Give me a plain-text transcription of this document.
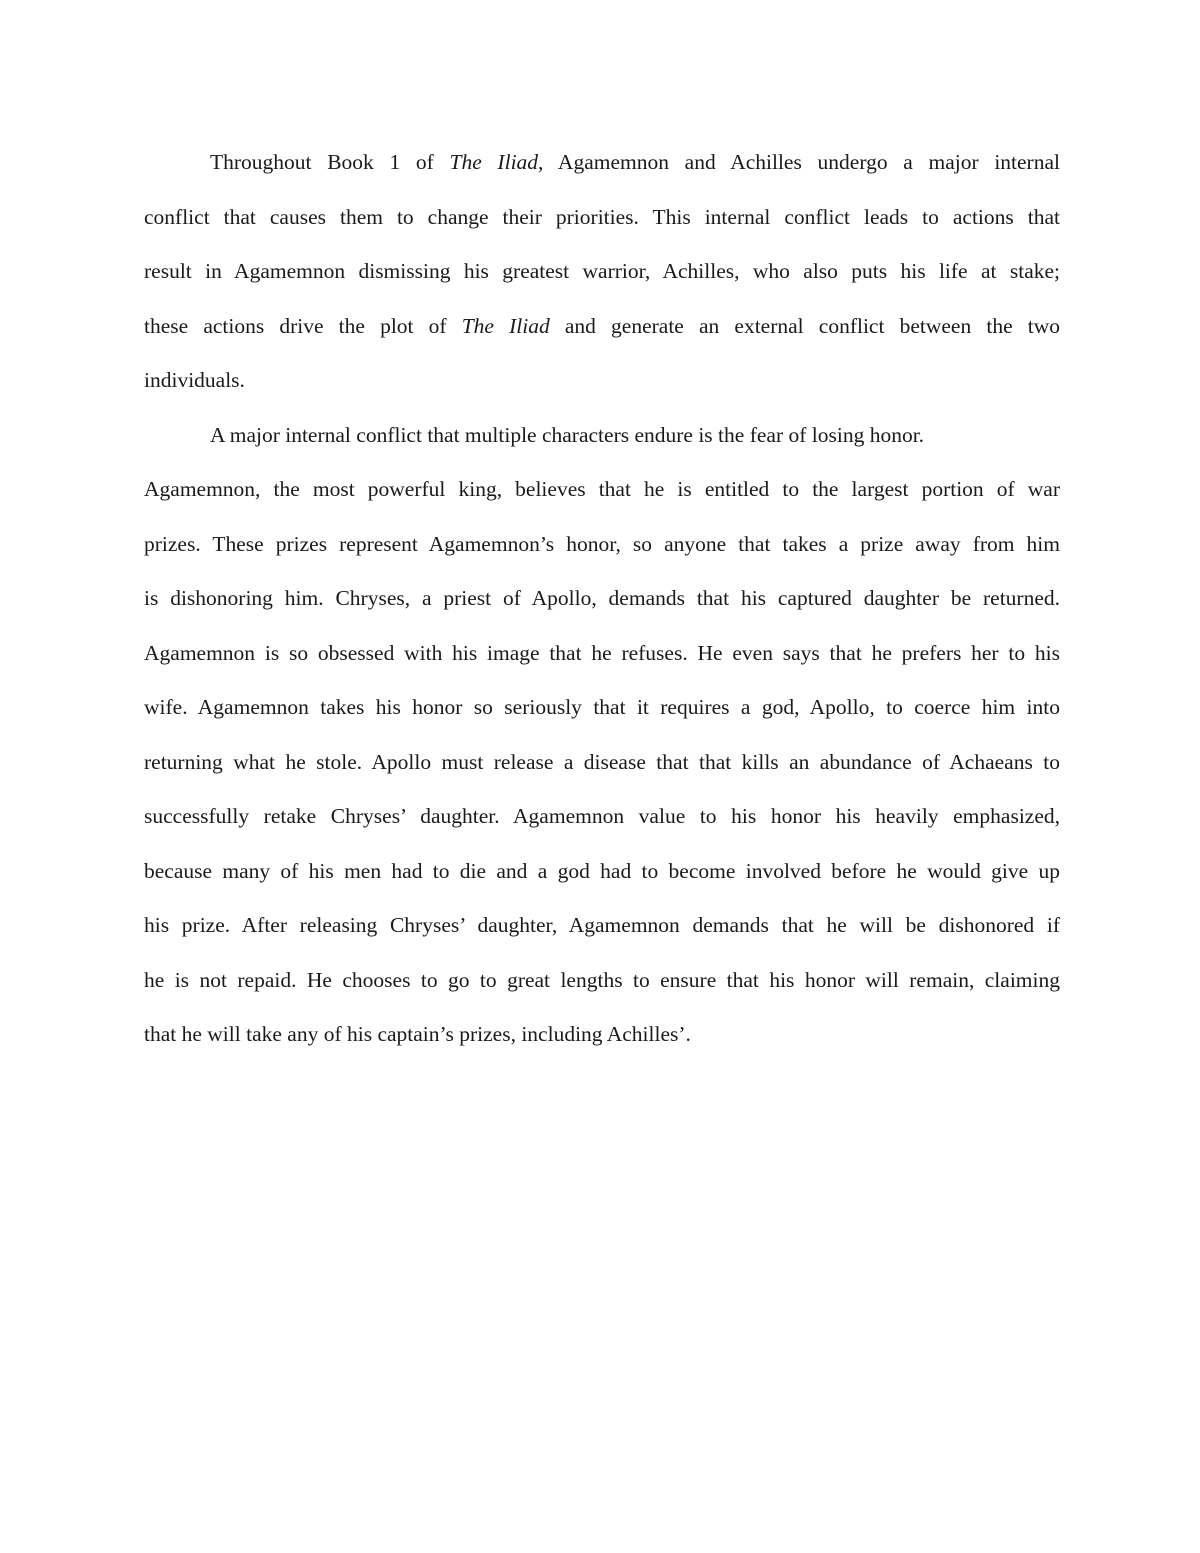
Throughout Book 1 of The Iliad, Agamemnon and Achilles undergo a major internal
conflict that causes them to change their priorities. This internal conflict leads to actions that
result in Agamemnon dismissing his greatest warrior, Achilles, who also puts his life at stake;
these actions drive the plot of The Iliad and generate an external conflict between the two
individuals.
A major internal conflict that multiple characters endure is the fear of losing honor.
Agamemnon, the most powerful king, believes that he is entitled to the largest portion of war
prizes. These prizes represent Agamemnon’s honor, so anyone that takes a prize away from him
is dishonoring him. Chryses, a priest of Apollo, demands that his captured daughter be returned.
Agamemnon is so obsessed with his image that he refuses. He even says that he prefers her to his
wife. Agamemnon takes his honor so seriously that it requires a god, Apollo, to coerce him into
returning what he stole. Apollo must release a disease that that kills an abundance of Achaeans to
successfully retake Chryses’ daughter. Agamemnon value to his honor his heavily emphasized,
because many of his men had to die and a god had to become involved before he would give up
his prize. After releasing Chryses’ daughter, Agamemnon demands that he will be dishonored if
he is not repaid. He chooses to go to great lengths to ensure that his honor will remain, claiming
that he will take any of his captain’s prizes, including Achilles’.
